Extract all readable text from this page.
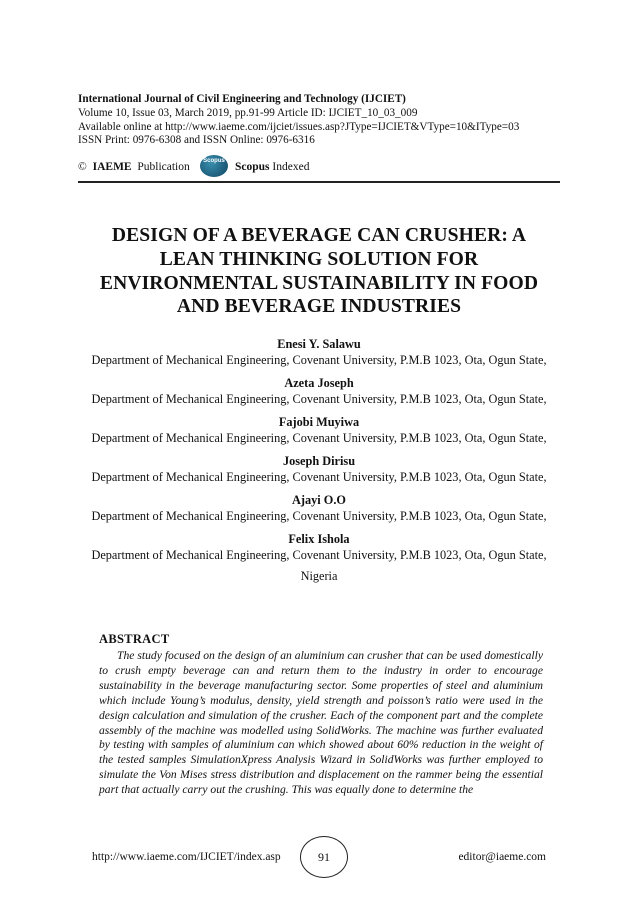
International Journal of Civil Engineering and Technology (IJCIET)
Volume 10, Issue 03, March 2019, pp.91-99 Article ID: IJCIET_10_03_009
Available online at http://www.iaeme.com/ijciet/issues.asp?JType=IJCIET&VType=10&IType=03
ISSN Print: 0976-6308 and ISSN Online: 0976-6316
© IAEME Publication	Scopus Scopus Indexed
DESIGN OF A BEVERAGE CAN CRUSHER: A
LEAN THINKING SOLUTION FOR
ENVIRONMENTAL SUSTAINABILITY IN FOOD
AND BEVERAGE INDUSTRIES
Enesi Y. Salawu
Department of Mechanical Engineering, Covenant University, P.M.B 1023, Ota, Ogun State,
Azeta Joseph
Department of Mechanical Engineering, Covenant University, P.M.B 1023, Ota, Ogun State,
Fajobi Muyiwa
Department of Mechanical Engineering, Covenant University, P.M.B 1023, Ota, Ogun State,
Joseph Dirisu
Department of Mechanical Engineering, Covenant University, P.M.B 1023, Ota, Ogun State,
Ajayi O.O
Department of Mechanical Engineering, Covenant University, P.M.B 1023, Ota, Ogun State,
Felix Ishola
Department of Mechanical Engineering, Covenant University, P.M.B 1023, Ota, Ogun State,
Nigeria
ABSTRACT

The study focused on the design of an aluminium can crusher that can be used domestically to crush empty beverage can and return them to the industry in order to encourage sustainability in the beverage manufacturing sector. Some properties of steel and aluminium which include Young’s modulus, density, yield strength and poisson’s ratio were used in the design calculation and simulation of the crusher. Each of the component part and the complete assembly of the machine was modelled using SolidWorks. The machine was further evaluated by testing with samples of aluminium can which showed about 60% reduction in the weight of the tested samples SimulationXpress Analysis Wizard in SolidWorks was further employed to simulate the Von Mises stress distribution and displacement on the rammer being the essential part that actually carry out the crushing. This was equally done to determine the

http://www.iaeme.com/IJCIET/index.asp	91	editor@iaeme.com
